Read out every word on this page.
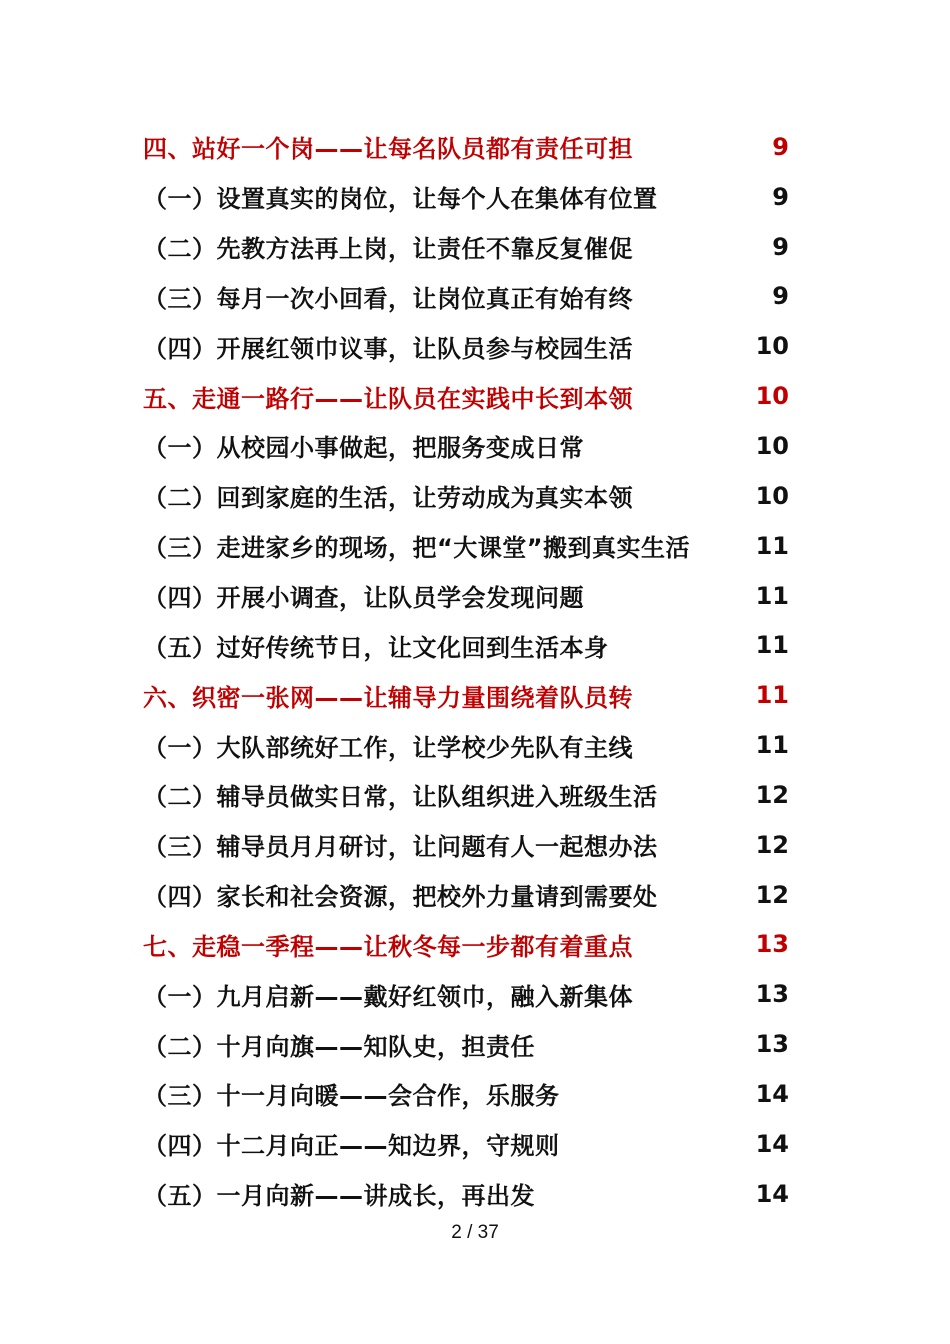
四、站好一个岗——让每名队员都有责任可担	9
（一）设置真实的岗位，让每个人在集体有位置	9
（二）先教方法再上岗，让责任不靠反复催促	9
（三）每月一次小回看，让岗位真正有始有终	9
（四）开展红领巾议事，让队员参与校园生活	10
五、走通一路行——让队员在实践中长到本领	10
（一）从校园小事做起，把服务变成日常	10
（二）回到家庭的生活，让劳动成为真实本领	10
（三）走进家乡的现场，把“大课堂”搬到真实生活	11
（四）开展小调查，让队员学会发现问题	11
（五）过好传统节日，让文化回到生活本身	11
六、织密一张网——让辅导力量围绕着队员转	11
（一）大队部统好工作，让学校少先队有主线	11
（二）辅导员做实日常，让队组织进入班级生活	12
（三）辅导员月月研讨，让问题有人一起想办法	12
（四）家长和社会资源，把校外力量请到需要处	12
七、走稳一季程——让秋冬每一步都有着重点	13
（一）九月启新——戴好红领巾，融入新集体	13
（二）十月向旗——知队史，担责任	13
（三）十一月向暖——会合作，乐服务	14
（四）十二月向正——知边界，守规则	14
（五）一月向新——讲成长，再出发	14
2 / 37
